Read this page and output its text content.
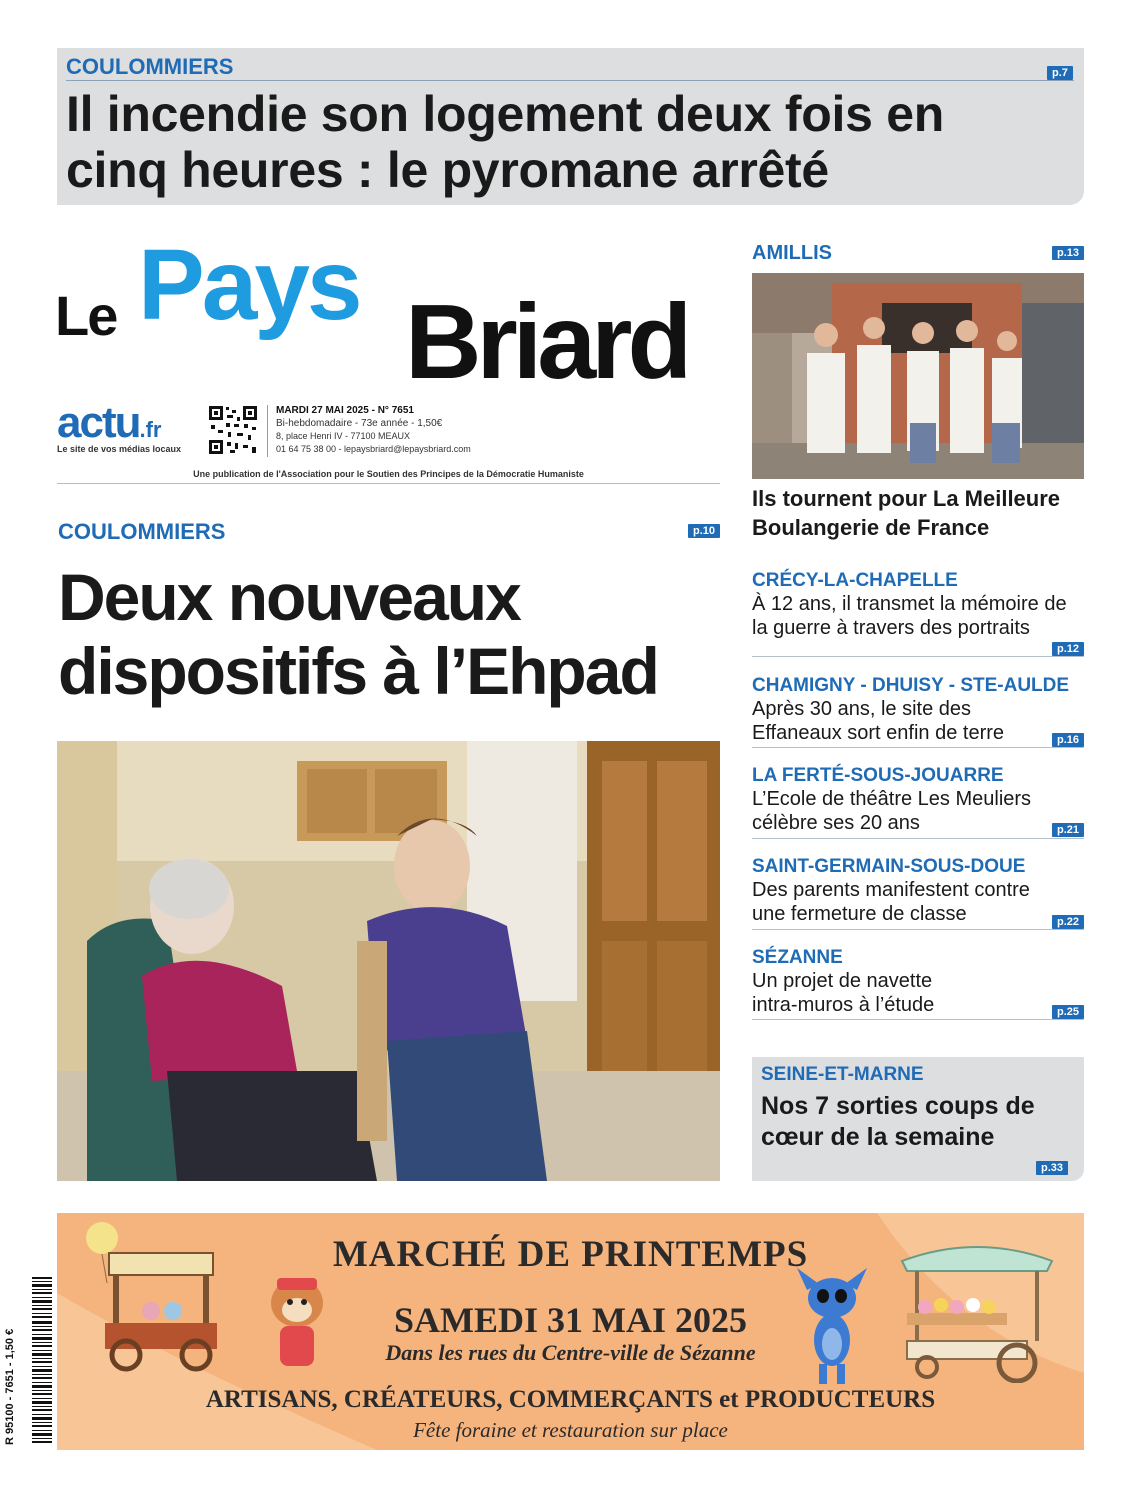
COULOMMIERS	p.7
Il incendie son logement deux fois en cinq heures : le pyromane arrêté
Le Pays Briard
actu.fr
Le site de vos médias locaux
MARDI 27 MAI 2025 - N° 7651
Bi-hebdomadaire - 73e année - 1,50€
8, place Henri IV - 77100 MEAUX
01 64 75 38 00 - lepaysbriard@lepaysbriard.com
Une publication de l'Association pour le Soutien des Principes de la Démocratie Humaniste
COULOMMIERS	p.10
Deux nouveaux dispositifs à l’Ehpad
AMILLIS	p.13
Ils tournent pour La Meilleure Boulangerie de France
CRÉCY-LA-CHAPELLE
À 12 ans, il transmet la mémoire de la guerre à travers des portraits
p.12
CHAMIGNY - DHUISY - STE-AULDE
Après 30 ans, le site des Effaneaux sort enfin de terre	p.16
LA FERTÉ-SOUS-JOUARRE
L’Ecole de théâtre Les Meuliers célèbre ses 20 ans	p.21
SAINT-GERMAIN-SOUS-DOUE
Des parents manifestent contre une fermeture de classe	p.22
SÉZANNE
Un projet de navette intra-muros à l’étude	p.25
SEINE-ET-MARNE
Nos 7 sorties coups de cœur de la semaine
p.33
MARCHÉ DE PRINTEMPS
SAMEDI 31 MAI 2025
Dans les rues du Centre-ville de Sézanne
ARTISANS, CRÉATEURS, COMMERÇANTS et PRODUCTEURS
Fête foraine et restauration sur place
R 95100 - 7651 - 1,50 €
